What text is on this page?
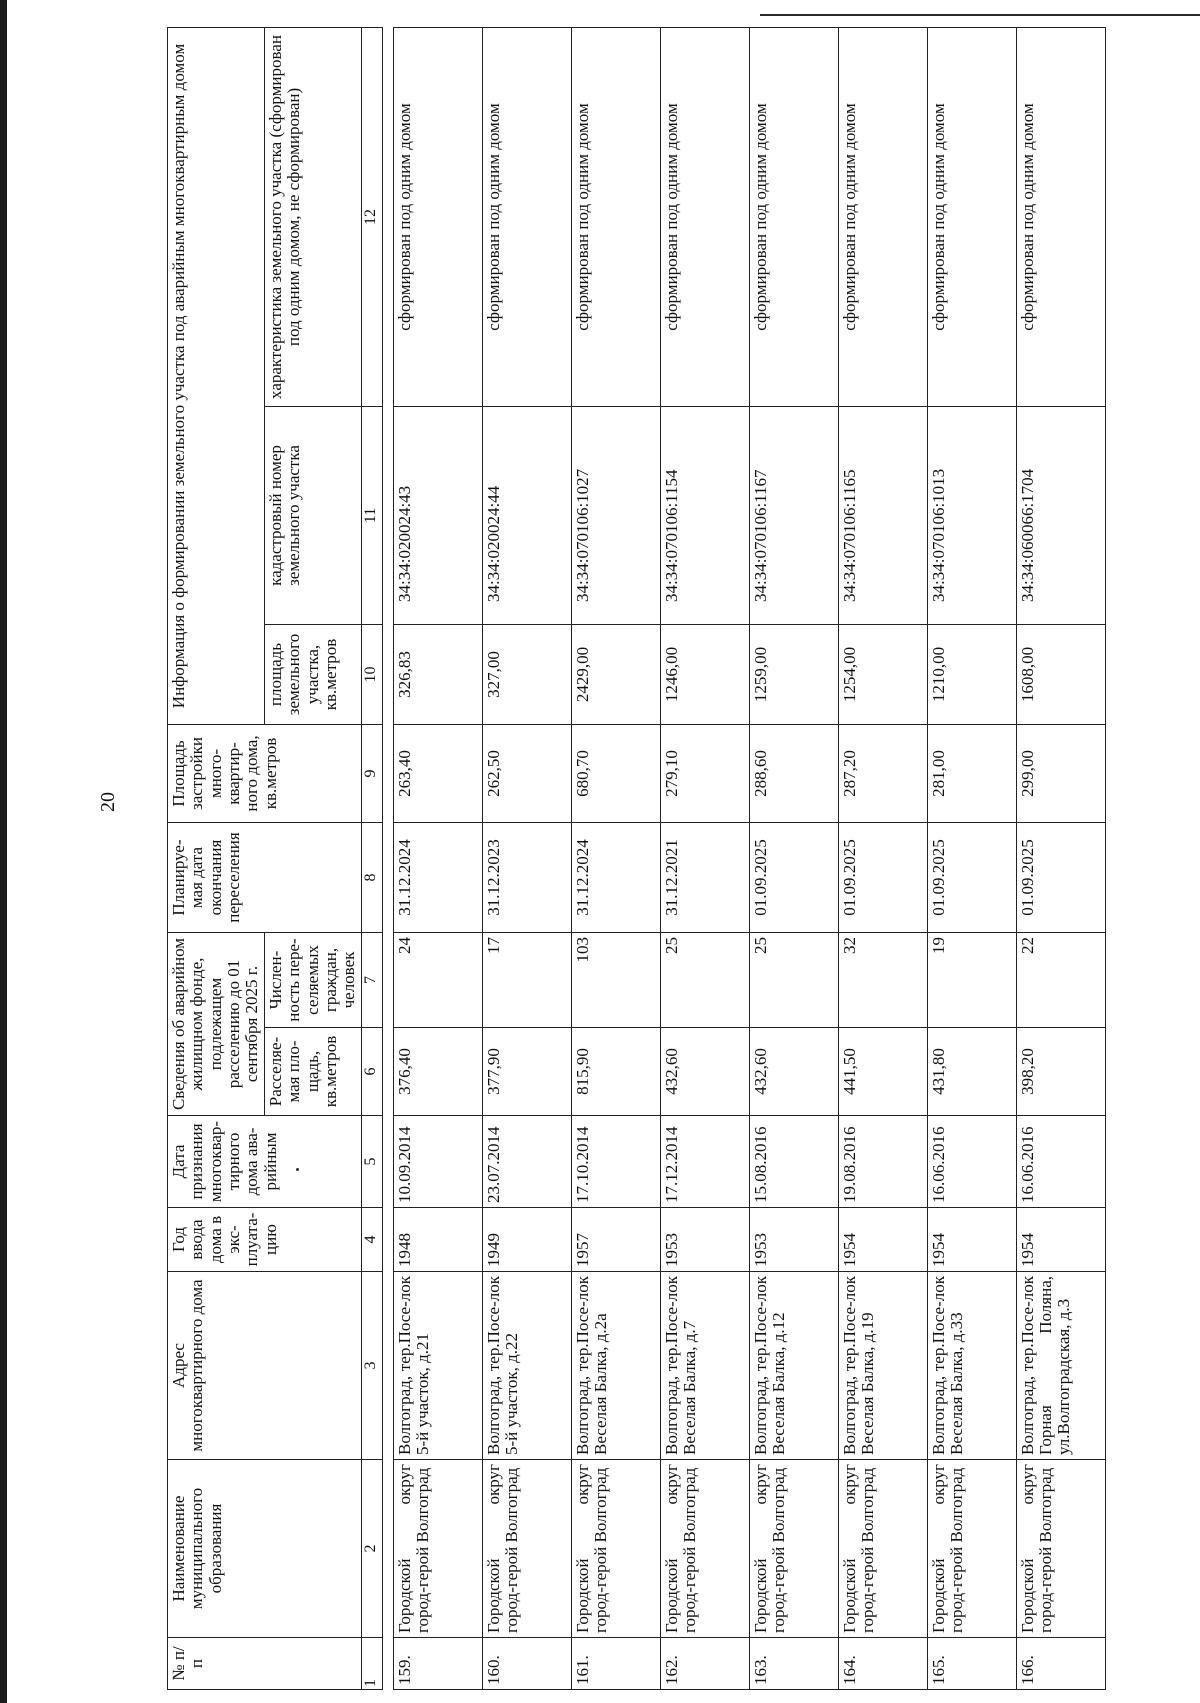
20
№ п/п	Наименование муниципального образования	Адрес многоквартирного дома	Год ввода дома в экс-плуата-цию	Дата признания многоквар-тирного дома ава-рийным	Сведения об аварийном жилищном фонде, подлежащем расселению до 01 сентября 2025 г.		Планируе-мая дата окончания переселения	Площадь застройки много-квартир-ного дома, кв.метров	Информация о формировании земельного участка под аварийным многоквартирным домом		
					Расселяе-мая пло-щадь, кв.метров	Числен-ность пере-селяемых граждан, человек			площадь земельного участка, кв.метров	кадастровый номер земельного участка	характеристика земельного участка (сформирован под одним домом, не сформирован)
1	2	3	4	5	6	7	8	9	10	11	12

159.	Городской округ город-герой Волгоград	Волгоград, тер.Посе-лок 5-й участок, д.21	1948	10.09.2014	376,40	24	31.12.2024	263,40	326,83	34:34:020024:43	сформирован под одним домом
160.	Городской округ город-герой Волгоград	Волгоград, тер.Посе-лок 5-й участок, д.22	1949	23.07.2014	377,90	17	31.12.2023	262,50	327,00	34:34:020024:44	сформирован под одним домом
161.	Городской округ город-герой Волгоград	Волгоград, тер.Посе-лок Веселая Балка, д.2а	1957	17.10.2014	815,90	103	31.12.2024	680,70	2429,00	34:34:070106:1027	сформирован под одним домом
162.	Городской округ город-герой Волгоград	Волгоград, тер.Посе-лок Веселая Балка, д.7	1953	17.12.2014	432,60	25	31.12.2021	279,10	1246,00	34:34:070106:1154	сформирован под одним домом
163.	Городской округ город-герой Волгоград	Волгоград, тер.Посе-лок Веселая Балка, д.12	1953	15.08.2016	432,60	25	01.09.2025	288,60	1259,00	34:34:070106:1167	сформирован под одним домом
164.	Городской округ город-герой Волгоград	Волгоград, тер.Посе-лок Веселая Балка, д.19	1954	19.08.2016	441,50	32	01.09.2025	287,20	1254,00	34:34:070106:1165	сформирован под одним домом
165.	Городской округ город-герой Волгоград	Волгоград, тер.Посе-лок Веселая Балка, д.33	1954	16.06.2016	431,80	19	01.09.2025	281,00	1210,00	34:34:070106:1013	сформирован под одним домом
166.	Городской округ город-герой Волгоград	Волгоград, тер.Посе-лок Горная Поляна, ул.Волгоградская, д.3	1954	16.06.2016	398,20	22	01.09.2025	299,00	1608,00	34:34:060066:1704	сформирован под одним домом
